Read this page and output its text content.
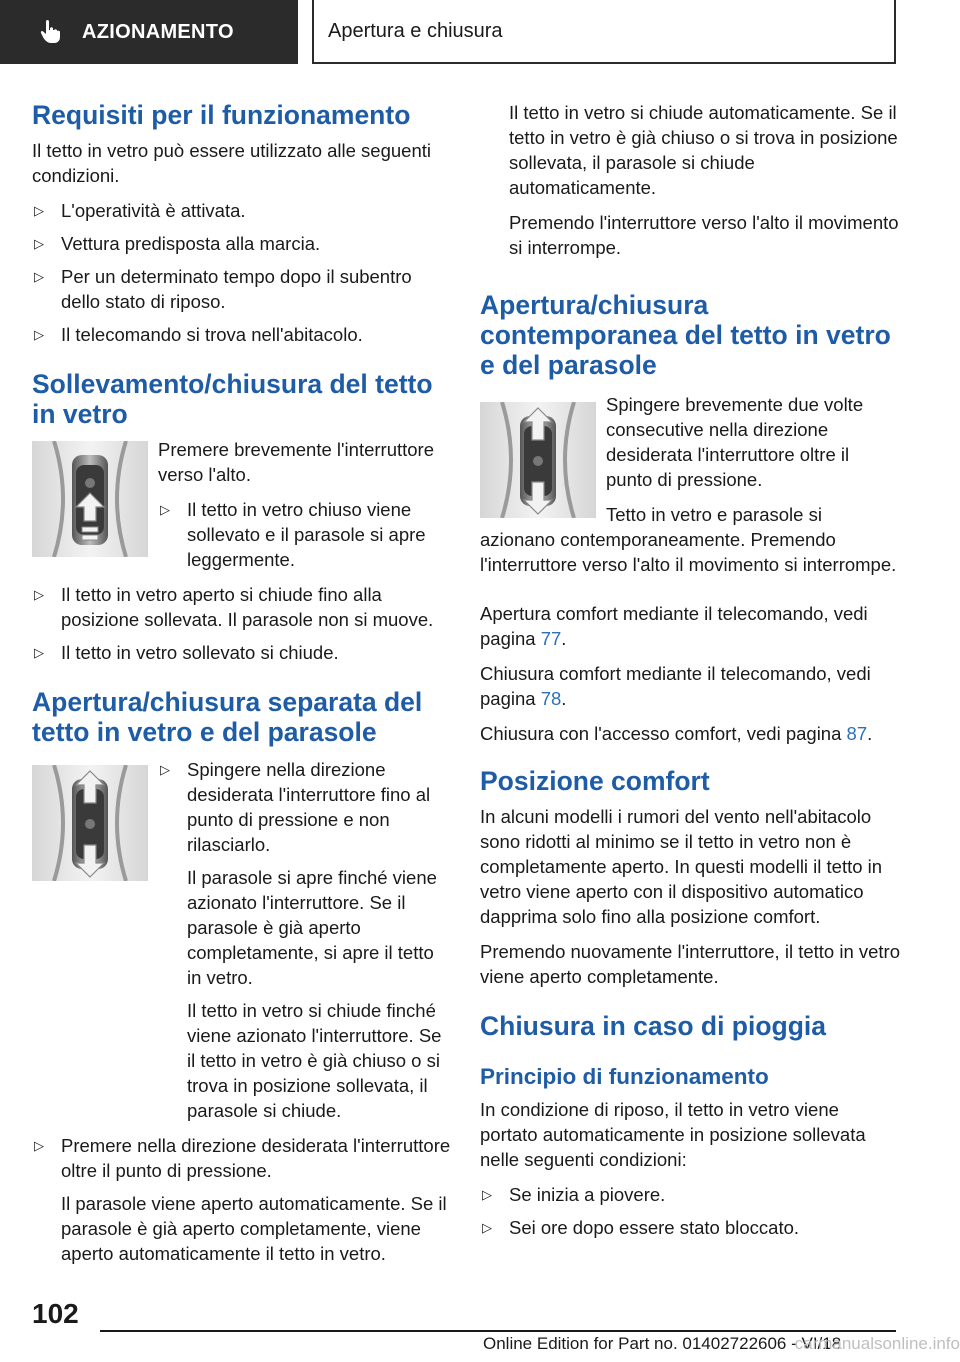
AZIONAMENTO	Apertura e chiusura
Requisiti per il funzionamento

Il tetto in vetro può essere utilizzato alle seguenti condizioni.

▷ L'operatività è attivata.
▷ Vettura predisposta alla marcia.
▷ Per un determinato tempo dopo il subentro dello stato di riposo.
▷ Il telecomando si trova nell'abitacolo.
Sollevamento/chiusura del tetto
in vetro

Premere brevemente l'interruttore verso l'alto.

▷ Il tetto in vetro chiuso viene sollevato e il parasole si apre leggermente.
▷ Il tetto in vetro aperto si chiude fino alla posizione sollevata. Il parasole non si muove.
▷ Il tetto in vetro sollevato si chiude.
Apertura/chiusura separata del
tetto in vetro e del parasole
▷ Spingere nella direzione desiderata l'interruttore fino al punto di pressione e non rilasciarlo.

Il parasole si apre finché viene azionato l'interruttore. Se il parasole è già aperto completamente, si apre il tetto in vetro.

Il tetto in vetro si chiude finché viene azionato l'interruttore. Se il tetto in vetro è già chiuso o si trova in posizione sollevata, il parasole si chiude.

▷ Premere nella direzione desiderata l'interruttore oltre il punto di pressione.

Il parasole viene aperto automaticamente. Se il parasole è già aperto completamente, viene aperto automaticamente il tetto in vetro.

Il tetto in vetro si chiude automaticamente. Se il tetto in vetro è già chiuso o si trova in posizione sollevata, il parasole si chiude automaticamente.

Premendo l'interruttore verso l'alto il movimento si interrompe.

Apertura/chiusura
contemporanea del tetto in vetro
e del parasole

Spingere brevemente due volte consecutive nella direzione desiderata l'interruttore oltre il punto di pressione.

Tetto in vetro e parasole si azionano contemporaneamente. Premendo l'interruttore verso l'alto il movimento si interrompe.

Apertura comfort mediante il telecomando, vedi pagina 77.

Chiusura comfort mediante il telecomando, vedi pagina 78.

Chiusura con l'accesso comfort, vedi pagina 87.

Posizione comfort

In alcuni modelli i rumori del vento nell'abitacolo sono ridotti al minimo se il tetto in vetro non è completamente aperto. In questi modelli il tetto in vetro viene aperto con il dispositivo automatico dapprima solo fino alla posizione comfort.

Premendo nuovamente l'interruttore, il tetto in vetro viene aperto completamente.

Chiusura in caso di pioggia
Principio di funzionamento

In condizione di riposo, il tetto in vetro viene portato automaticamente in posizione sollevata nelle seguenti condizioni:

▷ Se inizia a piovere.
▷ Sei ore dopo essere stato bloccato.
102
Online Edition for Part no. 01402722606 - VI/18
carmanualsonline.info
